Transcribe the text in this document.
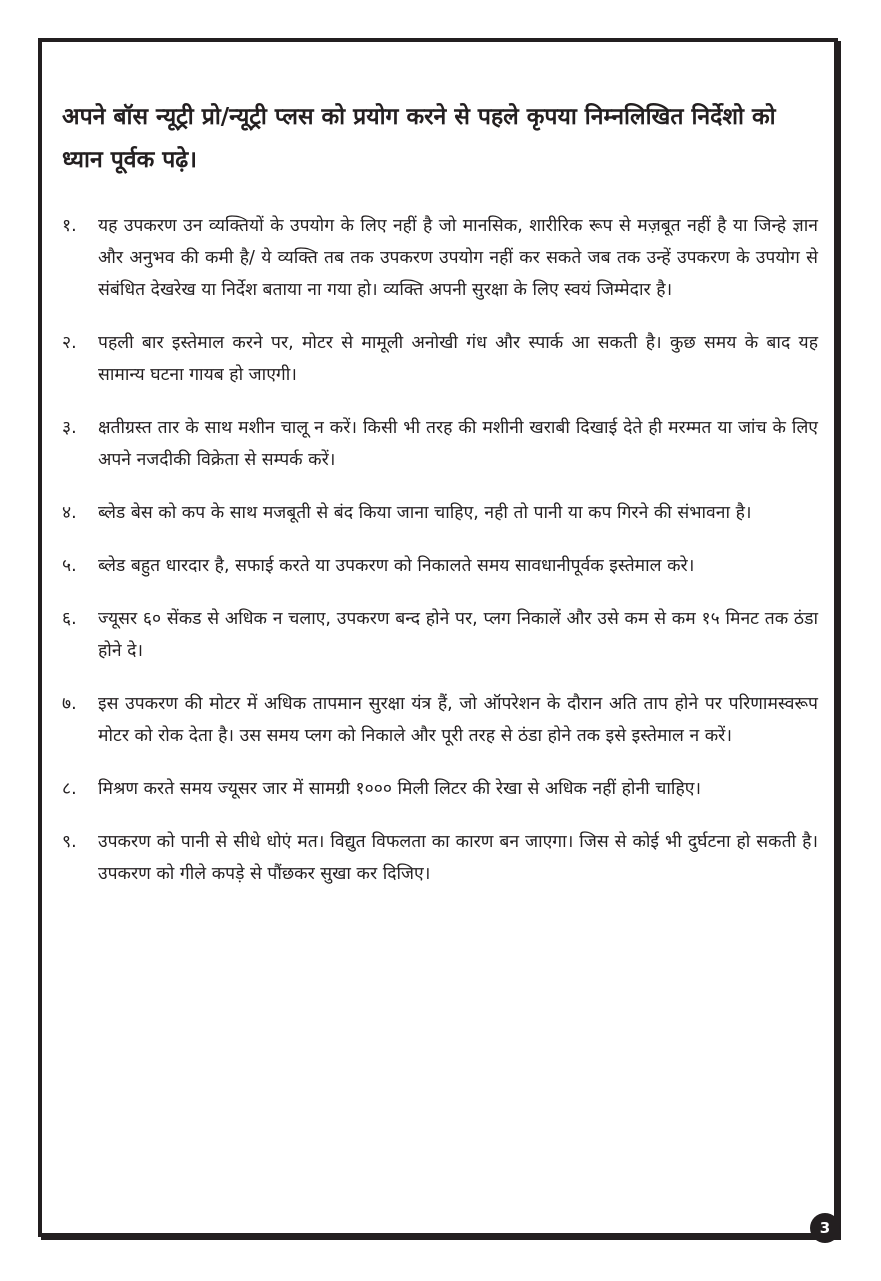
अपने बॉस न्यूट्री प्रो/न्यूट्री प्लस को प्रयोग करने से पहले कृपया निम्नलिखित निर्देशो को ध्यान पूर्वक पढ़े।
१.	यह उपकरण उन व्यक्तियों के उपयोग के लिए नहीं है जो मानसिक, शारीरिक रूप से मज़बूत नहीं है या जिन्हे ज्ञान और अनुभव की कमी है/ ये व्यक्ति तब तक उपकरण उपयोग नहीं कर सकते जब तक उन्हें उपकरण के उपयोग से संबंधित देखरेख या निर्देश बताया ना गया हो। व्यक्ति अपनी सुरक्षा के लिए स्वयं जिम्मेदार है।
२.	पहली बार इस्तेमाल करने पर, मोटर से मामूली अनोखी गंध और स्पार्क आ सकती है। कुछ समय के बाद यह सामान्य घटना गायब हो जाएगी।
३.	क्षतीग्रस्त तार के साथ मशीन चालू न करें। किसी भी तरह की मशीनी खराबी दिखाई देते ही मरम्मत या जांच के लिए अपने नजदीकी विक्रेता से सम्पर्क करें।
४.	ब्लेड बेस को कप के साथ मजबूती से बंद किया जाना चाहिए, नही तो पानी या कप गिरने की संभावना है।
५.	ब्लेड बहुत धारदार है, सफाई करते या उपकरण को निकालते समय सावधानीपूर्वक इस्तेमाल करे।
६.	ज्यूसर ६० सेंकड से अधिक न चलाए, उपकरण बन्द होने पर, प्लग निकालें और उसे कम से कम १५ मिनट तक ठंडा होने दे।
७.	इस उपकरण की मोटर में अधिक तापमान सुरक्षा यंत्र हैं, जो ऑपरेशन के दौरान अति ताप होने पर परिणामस्वरूप मोटर को रोक देता है। उस समय प्लग को निकाले और पूरी तरह से ठंडा होने तक इसे इस्तेमाल न करें।
८.	मिश्रण करते समय ज्यूसर जार में सामग्री १००० मिली लिटर की रेखा से अधिक नहीं होनी चाहिए।
९.	उपकरण को पानी से सीधे धोएं मत। विद्युत विफलता का कारण बन जाएगा। जिस से कोई भी दुर्घटना हो सकती है। उपकरण को गीले कपड़े से पौंछकर सुखा कर दिजिए।
3
